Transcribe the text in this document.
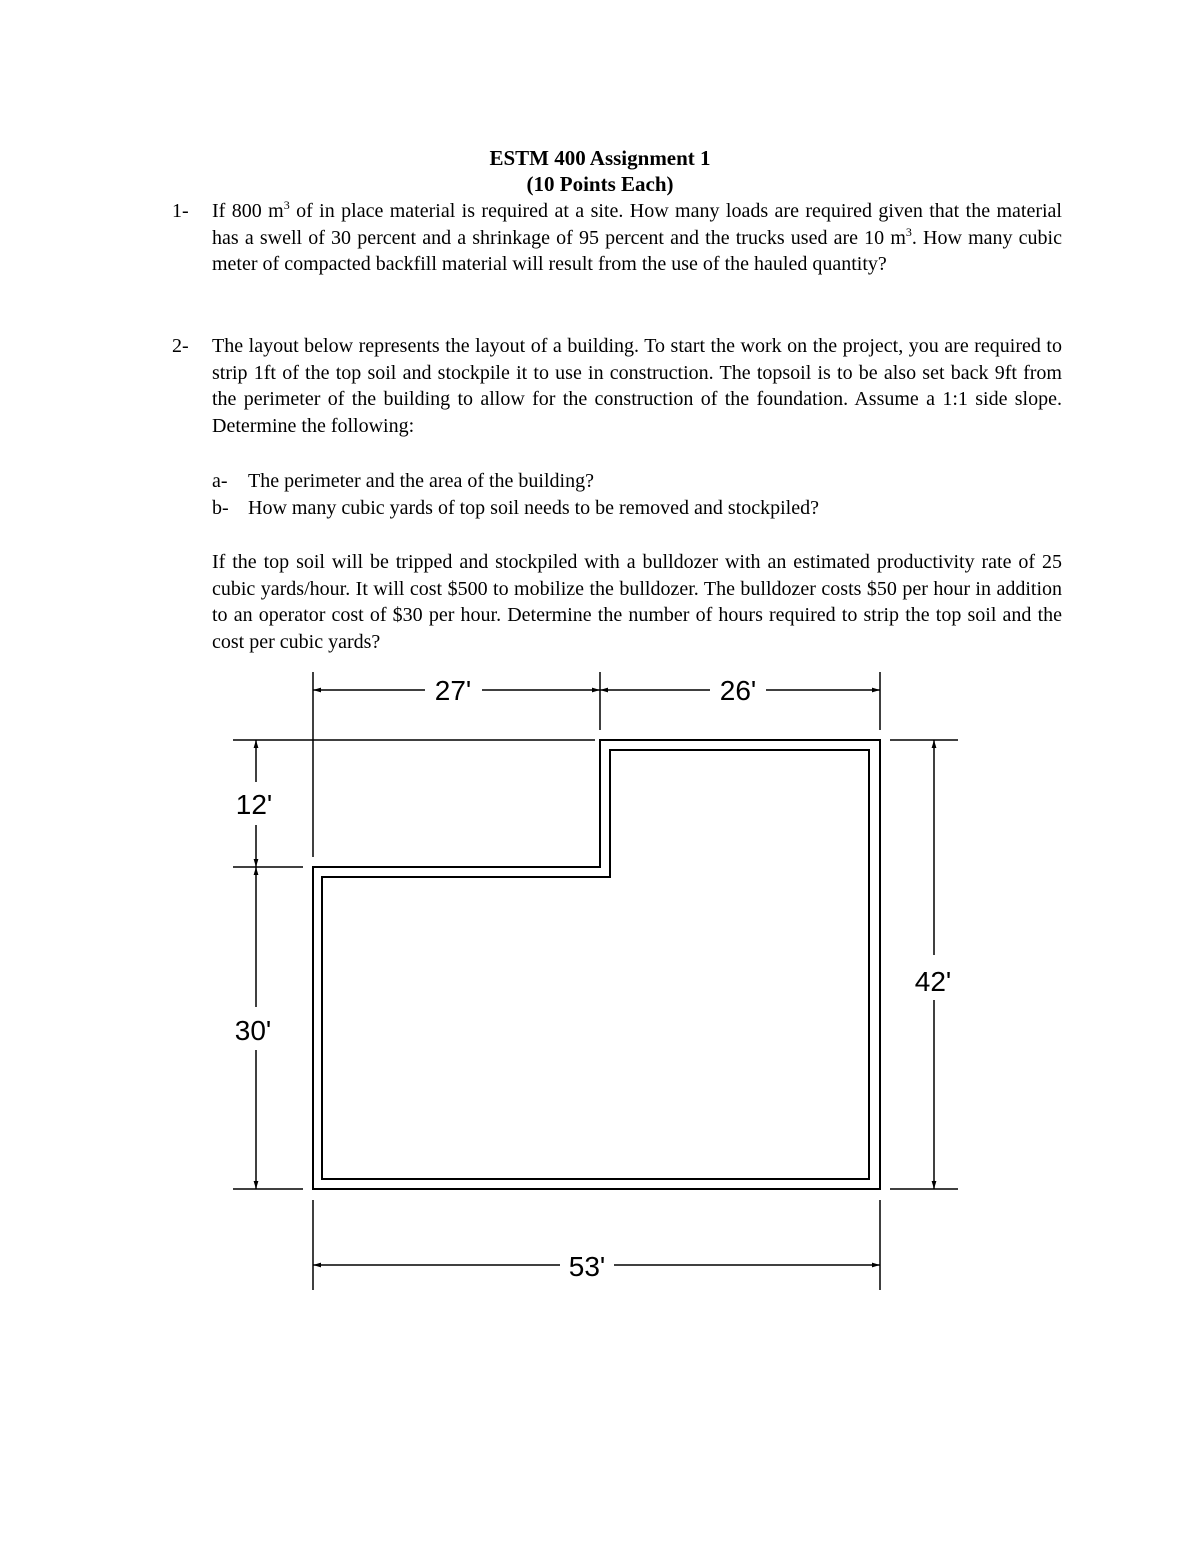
ESTM 400 Assignment 1
(10 Points Each)
1- If 800 $m^3$ of in place material is required at a site. How many loads are required given that the material has a swell of 30 percent and a shrinkage of 95 percent and the trucks used are 10 $m^3$. How many cubic meter of compacted backfill material will result from the use of the hauled quantity?
2- The layout below represents the layout of a building. To start the work on the project, you are required to strip 1ft of the top soil and stockpile it to use in construction. The topsoil is to be also set back 9ft from the perimeter of the building to allow for the construction of the foundation. Assume a 1:1 side slope. Determine the following:
a- The perimeter and the area of the building?
b- How many cubic yards of top soil needs to be removed and stockpiled?
If the top soil will be tripped and stockpiled with a bulldozer with an estimated productivity rate of 25 cubic yards/hour. It will cost $500 to mobilize the bulldozer. The bulldozer costs $50 per hour in addition to an operator cost of $30 per hour. Determine the number of hours required to strip the top soil and the cost per cubic yards?
27'	26'
12'
30'
42'
53'
